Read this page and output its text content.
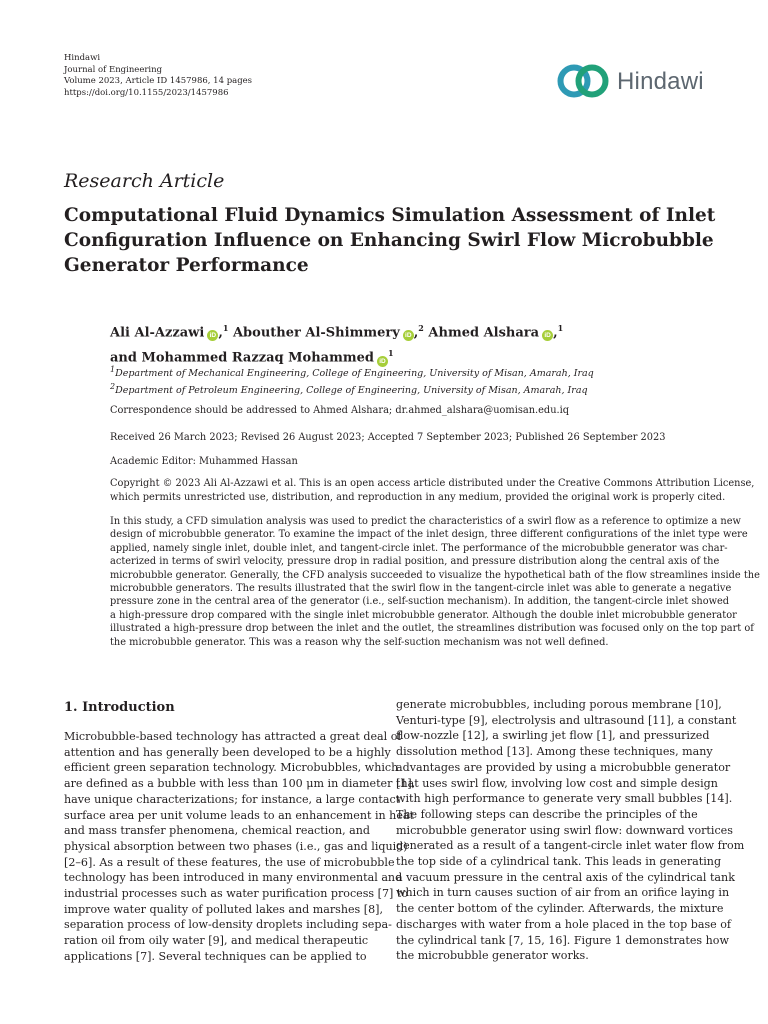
Hindawi
Journal of Engineering
Volume 2023, Article ID 1457986, 14 pages
https://doi.org/10.1155/2023/1457986	Hindawi
Research Article
Computational Fluid Dynamics Simulation Assessment of Inlet
Configuration Influence on Enhancing Swirl Flow Microbubble
Generator Performance
Ali Al-Azzawi iD ,$^1$ Abouther Al-Shimmery iD ,$^2$ Ahmed Alshara iD ,$^1$
and Mohammed Razzaq Mohammed $iD^1$
$^1$Department of Mechanical Engineering, College of Engineering, University of Misan, Amarah, Iraq
$^2$Department of Petroleum Engineering, College of Engineering, University of Misan, Amarah, Iraq
Correspondence should be addressed to Ahmed Alshara; dr.ahmed_alshara@uomisan.edu.iq
Received 26 March 2023; Revised 26 August 2023; Accepted 7 September 2023; Published 26 September 2023
Academic Editor: Muhammed Hassan
Copyright © 2023 Ali Al-Azzawi et al. This is an open access article distributed under the Creative Commons Attribution License,
which permits unrestricted use, distribution, and reproduction in any medium, provided the original work is properly cited.
In this study, a CFD simulation analysis was used to predict the characteristics of a swirl flow as a reference to optimize a new
design of microbubble generator. To examine the impact of the inlet design, three different configurations of the inlet type were
applied, namely single inlet, double inlet, and tangent-circle inlet. The performance of the microbubble generator was char-
acterized in terms of swirl velocity, pressure drop in radial position, and pressure distribution along the central axis of the
microbubble generator. Generally, the CFD analysis succeeded to visualize the hypothetical bath of the flow streamlines inside the
microbubble generators. The results illustrated that the swirl flow in the tangent-circle inlet was able to generate a negative
pressure zone in the central area of the generator (i.e., self-suction mechanism). In addition, the tangent-circle inlet showed
a high-pressure drop compared with the single inlet microbubble generator. Although the double inlet microbubble generator
illustrated a high-pressure drop between the inlet and the outlet, the streamlines distribution was focused only on the top part of
the microbubble generator. This was a reason why the self-suction mechanism was not well defined.
1. Introduction
Microbubble-based technology has attracted a great deal of
attention and has generally been developed to be a highly
efficient green separation technology. Microbubbles, which
are defined as a bubble with less than 100 μm in diameter [1],
have unique characterizations; for instance, a large contact
surface area per unit volume leads to an enhancement in heat
and mass transfer phenomena, chemical reaction, and
physical absorption between two phases (i.e., gas and liquid)
[2–6]. As a result of these features, the use of microbubble
technology has been introduced in many environmental and
industrial processes such as water purification process [7] to
improve water quality of polluted lakes and marshes [8],
separation process of low-density droplets including sepa-
ration oil from oily water [9], and medical therapeutic
applications [7]. Several techniques can be applied to
generate microbubbles, including porous membrane [10],
Venturi-type [9], electrolysis and ultrasound [11], a constant
flow-nozzle [12], a swirling jet flow [1], and pressurized
dissolution method [13]. Among these techniques, many
advantages are provided by using a microbubble generator
that uses swirl flow, involving low cost and simple design
with high performance to generate very small bubbles [14].
The following steps can describe the principles of the
microbubble generator using swirl flow: downward vortices
generated as a result of a tangent-circle inlet water flow from
the top side of a cylindrical tank. This leads in generating
a vacuum pressure in the central axis of the cylindrical tank
which in turn causes suction of air from an orifice laying in
the center bottom of the cylinder. Afterwards, the mixture
discharges with water from a hole placed in the top base of
the cylindrical tank [7, 15, 16]. Figure 1 demonstrates how
the microbubble generator works.
